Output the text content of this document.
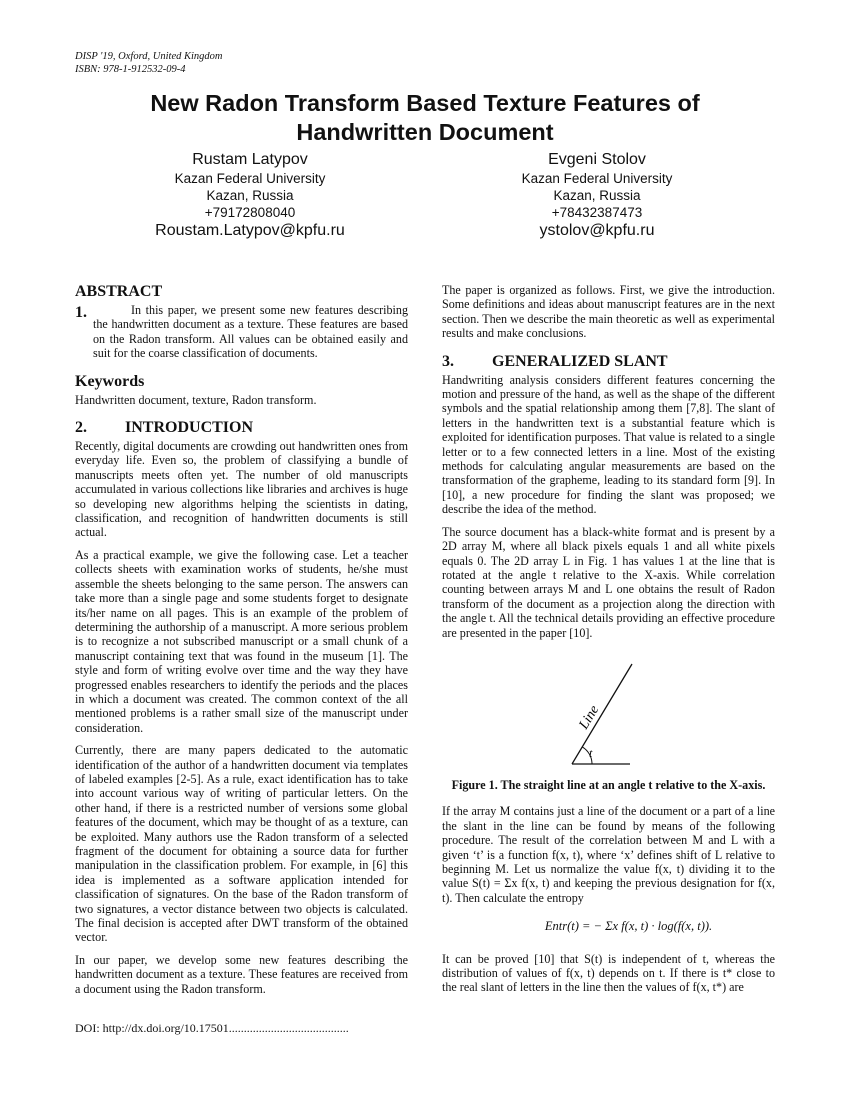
DISP '19, Oxford, United Kingdom
ISBN: 978-1-912532-09-4
New Radon Transform Based Texture Features of
Handwritten Document
Rustam Latypov
Kazan Federal University
Kazan, Russia
+79172808040
Roustam.Latypov@kpfu.ru
Evgeni Stolov
Kazan Federal University
Kazan, Russia
+78432387473
ystolov@kpfu.ru
ABSTRACT
1.	In this paper, we present some new features describing the handwritten document as a texture. These features are based on the Radon transform. All values can be obtained easily and suit for the coarse classification of documents.
Keywords

Handwritten document, texture, Radon transform.

2.	INTRODUCTION

Recently, digital documents are crowding out handwritten ones from everyday life. Even so, the problem of classifying a bundle of manuscripts meets often yet. The number of old manuscripts accumulated in various collections like libraries and archives is huge so developing new algorithms helping the scientists in dating, classification, and recognition of handwritten documents is still actual.

As a practical example, we give the following case. Let a teacher collects sheets with examination works of students, he/she must assemble the sheets belonging to the same person. The answers can take more than a single page and some students forget to designate its/her name on all pages. This is an example of the problem of determining the authorship of a manuscript. A more serious problem is to recognize a not subscribed manuscript or a small chunk of a manuscript containing text that was found in the museum [1]. The style and form of writing evolve over time and the way they have progressed enables researchers to identify the periods and the places in which a document was created. The common context of the all mentioned problems is a rather small size of the manuscript under consideration.

Currently, there are many papers dedicated to the automatic identification of the author of a handwritten document via templates of labeled examples [2-5]. As a rule, exact identification has to take into account various way of writing of particular letters. On the other hand, if there is a restricted number of versions some global features of the document, which may be thought of as a texture, can be exploited. Many authors use the Radon transform of a selected fragment of the document for obtaining a source data for further manipulation in the classification problem. For example, in [6] this idea is implemented as a software application intended for classification of signatures. On the base of the Radon transform of two signatures, a vector distance between two objects is calculated. The final decision is accepted after DWT transform of the obtained vector.

In our paper, we develop some new features describing the handwritten document as a texture. These features are received from a document using the Radon transform.

The paper is organized as follows. First, we give the introduction. Some definitions and ideas about manuscript features are in the next section. Then we describe the main theoretic as well as experimental results and make conclusions.

3.	GENERALIZED SLANT

Handwriting analysis considers different features concerning the motion and pressure of the hand, as well as the shape of the different symbols and the spatial relationship among them [7,8]. The slant of letters in the handwritten text is a substantial feature which is exploited for identification purposes. That value is related to a single letter or to a few connected letters in a line. Most of the existing methods for calculating angular measurements are based on the transformation of the grapheme, leading to its standard form [9]. In [10], a new procedure for finding the slant was proposed; we describe the idea of the method.

The source document has a black-white format and is present by a 2D array M, where all black pixels equals 1 and all white pixels equals 0. The 2D array L in Fig. 1 has values 1 at the line that is rotated at the angle t relative to the X-axis. While correlation counting between arrays M and L one obtains the result of Radon transform of the document as a projection along the direction with the angle t. All the technical details providing an effective procedure are presented in the paper [10].

Line
t
Figure 1. The straight line at an angle t relative to the X-axis.

If the array M contains just a line of the document or a part of a line the slant in the line can be found by means of the following procedure. The result of the correlation between M and L with a given ‘t’ is a function f(x, t), where ‘x’ defines shift of L relative to beginning M. Let us normalize the value f(x, t) dividing it to the value S(t) = Σx f(x, t) and keeping the previous designation for f(x, t). Then calculate the entropy

Entr(t) = − Σx f(x, t) · log(f(x, t)).

It can be proved [10] that S(t) is independent of t, whereas the distribution of values of f(x, t) depends on t. If there is t* close to the real slant of letters in the line then the values of f(x, t*) are

DOI: http://dx.doi.org/10.17501........................................
